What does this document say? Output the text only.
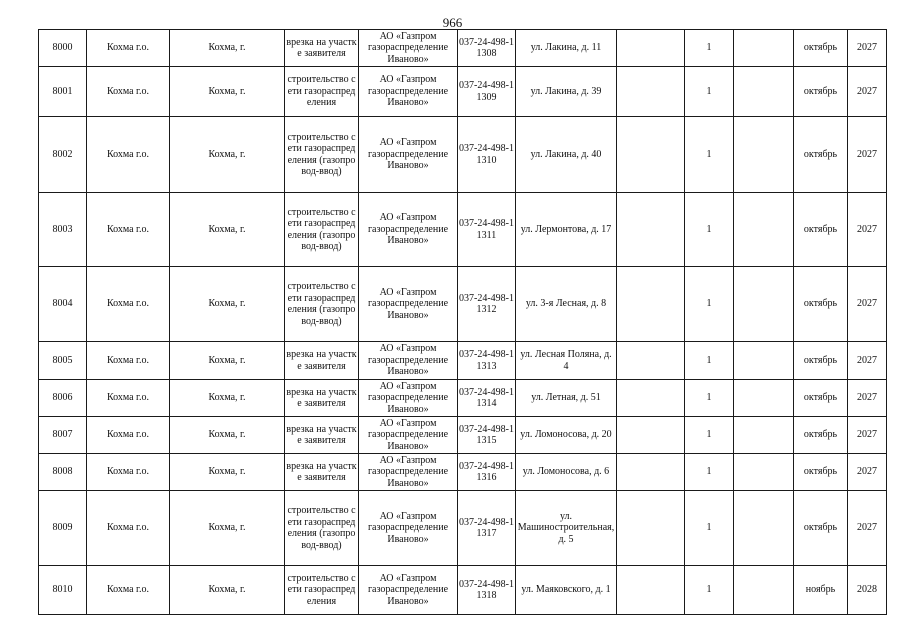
966
8000	Кохма г.о.	Кохма, г.	врезка на участке заявителя	АО «Газпром газораспределение Иваново»	037-24-498-11308	ул. Лакина, д. 11		1		октябрь	2027
8001	Кохма г.о.	Кохма, г.	строительство сети газораспределения	АО «Газпром газораспределение Иваново»	037-24-498-11309	ул. Лакина, д. 39		1		октябрь	2027
8002	Кохма г.о.	Кохма, г.	строительство сети газораспределения (газопровод-ввод)	АО «Газпром газораспределение Иваново»	037-24-498-11310	ул. Лакина, д. 40		1		октябрь	2027
8003	Кохма г.о.	Кохма, г.	строительство сети газораспределения (газопровод-ввод)	АО «Газпром газораспределение Иваново»	037-24-498-11311	ул. Лермонтова, д. 17		1		октябрь	2027
8004	Кохма г.о.	Кохма, г.	строительство сети газораспределения (газопровод-ввод)	АО «Газпром газораспределение Иваново»	037-24-498-11312	ул. 3-я Лесная, д. 8		1		октябрь	2027
8005	Кохма г.о.	Кохма, г.	врезка на участке заявителя	АО «Газпром газораспределение Иваново»	037-24-498-11313	ул. Лесная Поляна, д. 4		1		октябрь	2027
8006	Кохма г.о.	Кохма, г.	врезка на участке заявителя	АО «Газпром газораспределение Иваново»	037-24-498-11314	ул. Летная, д. 51		1		октябрь	2027
8007	Кохма г.о.	Кохма, г.	врезка на участке заявителя	АО «Газпром газораспределение Иваново»	037-24-498-11315	ул. Ломоносова, д. 20		1		октябрь	2027
8008	Кохма г.о.	Кохма, г.	врезка на участке заявителя	АО «Газпром газораспределение Иваново»	037-24-498-11316	ул. Ломоносова, д. 6		1		октябрь	2027
8009	Кохма г.о.	Кохма, г.	строительство сети газораспределения (газопровод-ввод)	АО «Газпром газораспределение Иваново»	037-24-498-11317	ул. Машиностроительная, д. 5		1		октябрь	2027
8010	Кохма г.о.	Кохма, г.	строительство сети газораспределения	АО «Газпром газораспределение Иваново»	037-24-498-11318	ул. Маяковского, д. 1		1		ноябрь	2028
